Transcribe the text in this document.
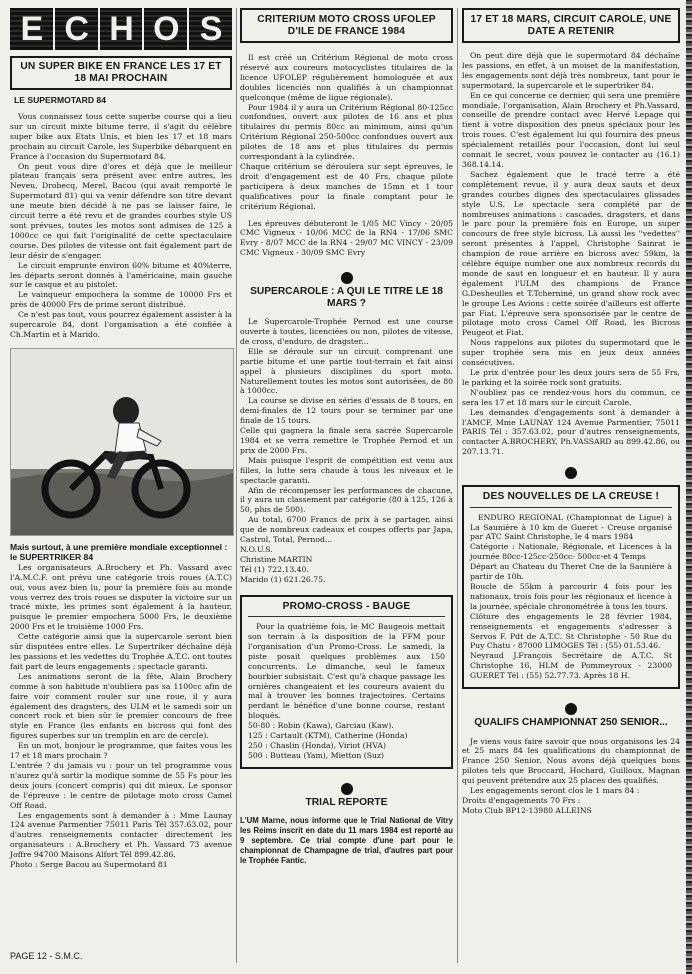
E C H O S
UN SUPER BIKE EN FRANCE LES 17 ET 18 MAI PROCHAIN
LE SUPERMOTARD 84

Vous connaissez tous cette superbe course qui a lieu sur un circuit mixte bitume terre, il s'agit du célèbre super bike aux Etats Unis, et bien les 17 et 18 mars prochain au circuit Carole, les Superbike débarquent en France à l'occasion du Supermotard 84.

On peut vous dire d'ores et déjà que le meilleur plateau français sera présent avec entre autres, les Neveu, Drobecq, Merel, Bacou (qui avait remporté le Supermotard 81) qui va venir défendre son titre devant une meute bien décidé à ne pas se laisser faire, le circuit terre a été revu et de grandes courbes style US sont prévues, toutes les motos sont admises de 125 à 1000cc ce qui fait l'originalité de cette spectaculaire course. Des pilotes de vitesse ont fait également part de leur désir de s'engager.

Le circuit emprunte environ 60% bitume et 40%terre, les départs seront donnés à l'américaine, main gauche sur le casque et au pistolet.

Le vainqueur empochera la somme de 10000 Frs et près de 40000 Frs de prime seront distribué.

Ce n'est pas tout, vous pourrez également assister à la supercarole 84, dont l'organisation a été confiée à Ch.Martin et à Marido.

Mais surtout, à une première mondiale exceptionnel : le SUPERTRIKER 84

Les organisateurs A.Brochery et Ph. Vassard avec l'A.M.C.F. ont prévu une catégorie trois roues (A.T.C) oui, vous avez bien lu, pour la première fois au monde vous verrez des trois roues se disputer la victoire sur un tracé mixte, les primes sont également à la hauteur, puisque le premier empochera 5000 Frs, le deuxième 2000 Frs et le troisième 1000 Frs.

Cette catégorie ainsi que la supercarole seront bien sûr disputées entre elles. Le Supertriker déchaîne déjà les passions et les vedettes du Trophée A.T.C. ont toutes fait part de leurs engagements : spectacle garanti.

Les animations seront de la fête, Alain Brochery comme à son habitude n'oubliera pas sa 1100cc afin de faire voir comment rouler sur une roue, il y aura également des dragsters, des ULM et le samedi soir un concert rock et bien sûr le premier concours de free style en France (les enfants en bicross qui font des figures superbes sur un tremplin en arc de cercle).

En un mot, bonjour le programme, que faites vous les 17 et 18 mars prochain ?

L'entrée ? du jamais vu : pour un tel programme vous n'aurez qu'à sortir la modique somme de 55 Fs pour les deux jours (concert compris) qui dit mieux. Le sponsor de l'épreuve : le centre de pilotage moto cross Camel Off Road.

Les engagements sont à demander à : Mme Launay 124 avenue Parmentier 75011 Paris Tél 357.63.02, pour d'autres renseignements contacter directement les organisateurs : A.Brochery et Ph. Vassard 73 avenue Joffre 94700 Maisons Alfort Tél 899.42.86.

Photo : Serge Bacou au Supermotard 81

CRITERIUM MOTO CROSS UFOLEP D'ILE DE FRANCE 1984

Il est créé un Critérium Régional de moto cross réservé aux coureurs motocyclistes titulaires de la licence UFOLEP régulièrement homologuée et aux doubles licenciés non qualifiés à un championnat quelconque (même de ligue régionale).

Pour 1984 il y aura un Critérium Régional 80-125cc confondues, ouvert aux pilotes de 16 ans et plus titulaires du permis 80cc au minimum, ainsi qu'un Critérium Régional 250-500cc confondues ouvert aux pilotes de 18 ans et plus titulaires du permis correspondant à la cylindrée.

Chaque critérium se déroulera sur sept épreuves, le droit d'engagement est de 40 Frs, chaque pilote participera à deux manches de 15mn et 1 tour qualificatives pour la finale comptant pour le critérium Régional.

Les épreuves débuteront le 1/05 MC Vincy - 20/05 CMC Vigneux - 10/06 MCC de la RN4 - 17/06 SMC Evry - 8/07 MCC de la RN4 - 29/07 MC VINCY - 23/09 CMC Vigneux - 30/09 SMC Evry

SUPERCAROLE : A QUI LE TITRE LE 18 MARS ?

Le Supercarole-Trophée Pernod est une course ouverte à toutes, licenciées ou non, pilotes de vitesse, de cross, d'enduro, de dragster...

Elle se déroule sur un circuit comprenant une partie bitume et une partie tout-terrain et fait ainsi appel à plusieurs disciplines du sport moto. Naturellement toutes les motos sont autorisées, de 80 à 1000cc.

La course se divise en séries d'essais de 8 tours, en demi-finales de 12 tours pour se terminer par une finale de 15 tours.

Celle qui gagnera la finale sera sacrée Supercarole 1984 et se verra remettre le Trophée Pernod et un prix de 2000 Frs.

Mais puisque l'esprit de compétition est venu aux filles, la lutte sera chaude à tous les niveaux et le spectacle garanti.

Afin de récompenser les performances de chacune, il y aura un classement par catégorie (80 à 125, 126 à 50, plus de 500).

Au total, 6700 Francs de prix à se partager, ainsi que de nombreux cadeaux et coupes offerts par Japa, Castrol, Total, Pernod...

N.O.U.S.

Christine MARTIN

Tél (1) 722.13.40.

Marido (1) 621.26.75.

PROMO-CROSS - BAUGE

Pour la quatrième fois, le MC Baugeois mettait son terrain à la disposition de la FFM pour l'organisation d'un Promo-Cross. Le samedi, la piste posait quelques problèmes aux 150 concurrents. Le dimanche, seul le fameux bourbier subsistait. C'est qu'à chaque passage les ornières changeaient et les coureurs avaient du mal à trouver les bonnes trajectoires. Certains perdant le bénéfice d'une bonne course, restant bloqués.

50-80 : Robin (Kawa), Garciau (Kaw).

125 : Cartault (KTM), Catherine (Honda)

250 : Chaslin (Honda), Viriot (HVA)

500 : Butteau (Yam), Mietton (Suz)

TRIAL REPORTE

L'UM Marne, nous informe que le Trial National de Vitry les Reims inscrit en date du 11 mars 1984 est reporté au 9 septembre. Ce trial compte d'une part pour le championnat de Champagne de trial, d'autres part pour le Trophée Fantic.

17 ET 18 MARS, CIRCUIT CAROLE, UNE DATE A RETENIR

On peut dire déjà que le supermotard 84 déchaîne les passions, en effet, à un moiset de la manifestation, les engagements sont déjà très nombreux, tant pour le supermotard, la supercarole et le supertriker 84.

En ce qui concerne ce dernier, qui sera une première mondiale, l'organisation, Alain Brochery et Ph.Vassard, conseille de prendre contact avec Hervé Lepage qui tient à votre disposition des pneus spéciaux pour les trois roues. C'est également lui qui fournira des pneus spécialement retaillés pour l'occasion, dont lui seul connait le secret, vous pouvez le contacter au (16.1) 368.14.14.

Sachez également que le tracé terre a été complètement revue, il y aura deux sauts et deux grandes courbes dignes des spectaculaires glissades style U.S. Le spectacle sera complété par de nombreuses animations : cascades, dragsters, et dans le parc pour la première fois en Europe, un super concours de free style bicross. Là aussi les ''vedettes'' seront présentes à l'appel, Christophe Sainrat le champion de roue arrière en bicross avec 59km, la célèbre équipe number one aux nombreux records du monde de saut en longueur et en hauteur. Il y aura également l'ULM des champions de France G.Desheulles et T.Tcherniné, un grand show rock avec le groupe Les Avions : cette soirée d'ailleurs est offerte par Fiat. L'épreuve sera sponsorisée par le centre de pilotage moto cross Camel Off Road, les Bicross Peugeot et Fiat.

Nous rappelons aux pilotes du supermotard que le super trophée sera mis en jeux deux années consécutives.

Le prix d'entrée pour les deux jours sera de 55 Frs, le parking et la soirée rock sont gratuits.

N'oubliez pas ce rendez-vous hors du commun, ce sera les 17 et 18 mars sur le circuit Carole.

Les demandes d'engagements sont à demander à l'AMCF, Mme LAUNAY 124 Avenue Parmentier, 75011 PARIS Tél : 357.63.02, pour d'autres renseignements, contacter A.BROCHERY, Ph.VASSARD au 899.42.86, ou 207.13.71.

DES NOUVELLES DE LA CREUSE !

ENDURO REGIONAL (Championnat de Ligue) à La Saunière à 10 km de Gueret - Creuse organisé par ATC Saint Christophe, le 4 mars 1984

Catégorie : Nationale, Régionale, et Licences à la journée 80cc-125cc-250cc- 500cc-et 4 Temps

Départ au Chateau du Theret Cne de la Saunière à partir de 10h.

Boucle de 55km à parcourir 4 fois pour les nationaux, trois fois pour les régionaux et licence à la journée, spéciale chronométrée à tous les tours.

Clôture des engagements le 28 février 1984, renseignements et engagements s'adresser à Servos F. Pdt de A.T.C. St Christophe - 50 Rue du Puy Chatu - 87000 LIMOGES Tél : (55) 01.53.46.

Neyraud J.François Secrétaire de A.T.C. St Christophe 16, HLM de Pommeyroux - 23000 GUERET Tél : (55) 52.77.73. Après 18 H.

QUALIFS CHAMPIONNAT 250 SENIOR...

Je viens vous faire savoir que nous organisons les 24 et 25 mars 84 les qualifications du championnat de France 250 Senior. Nous avons déjà quelques bons pilotes tels que Broccard, Hochard, Guilloux, Magnan qui peuvent prétendre aux 25 places des qualifiés.

Les engagements seront clos le 1 mars 84 :

Droits d'engagements 70 Frs :

Moto Club BP12-13980 ALLEINS

PAGE 12 - S.M.C.
